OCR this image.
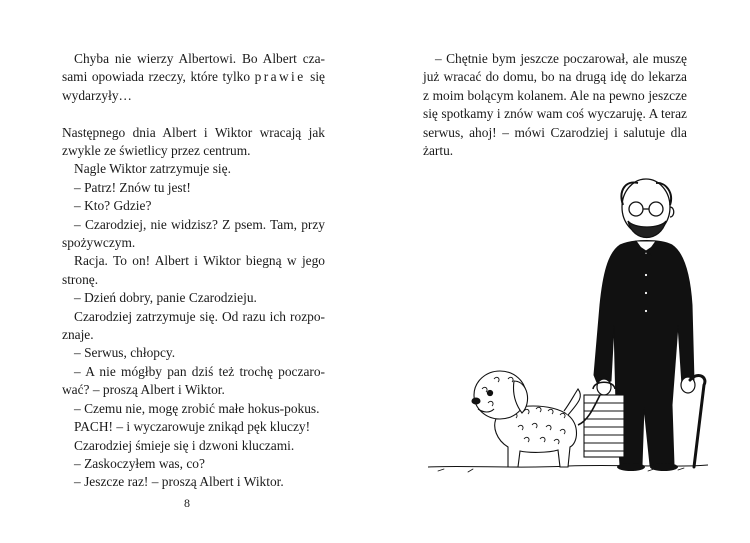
Chyba nie wierzy Albertowi. Bo Albert cza-sami opowiada rzeczy, które tylko prawie się wydarzyły…

Następnego dnia Albert i Wiktor wracają jak zwykle ze świetlicy przez centrum.

Nagle Wiktor zatrzymuje się.

– Patrz! Znów tu jest!

– Kto? Gdzie?

– Czarodziej, nie widzisz? Z psem. Tam, przy spożywczym.

Racja. To on! Albert i Wiktor biegną w jego stronę.

– Dzień dobry, panie Czarodzieju.

Czarodziej zatrzymuje się. Od razu ich rozpo-znaje.

– Serwus, chłopcy.

– A nie mógłby pan dziś też trochę poczaro-wać? – proszą Albert i Wiktor.

– Czemu nie, mogę zrobić małe hokus-pokus.

PACH! – i wyczarowuje znikąd pęk kluczy!

Czarodziej śmieje się i dzwoni kluczami.

– Zaskoczyłem was, co?

– Jeszcze raz! – proszą Albert i Wiktor.

8

– Chętnie bym jeszcze poczarował, ale muszę już wracać do domu, bo na drugą idę do lekarza z moim bolącym kolanem. Ale na pewno jeszcze się spotkamy i znów wam coś wyczaruję. A teraz serwus, ahoj! – mówi Czarodziej i salutuje dla żartu.
